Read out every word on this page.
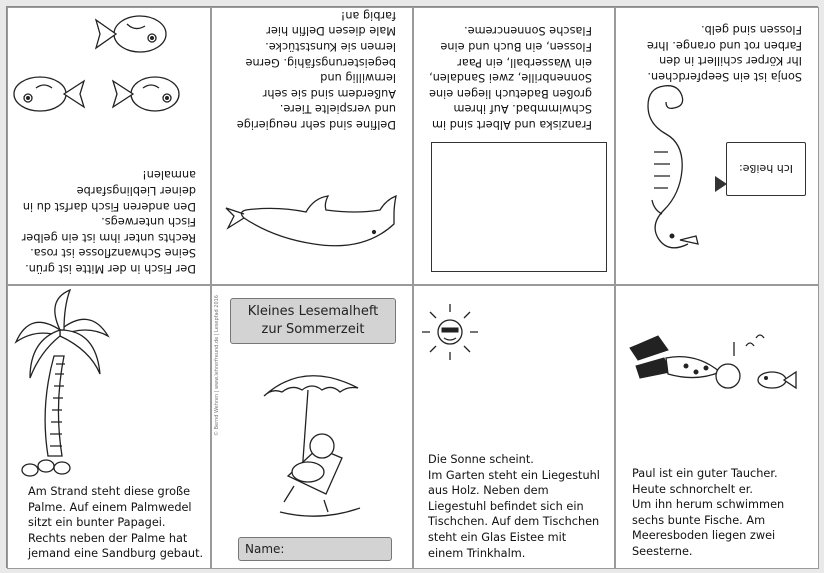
Der Fisch in der Mitte ist grün.
Seine Schwanzflosse ist rosa.
Rechts unter ihm ist ein gelber
Fisch unterwegs.
Den anderen Fisch darfst du in
deiner Lieblingsfarbe
anmalen!
Delfine sind sehr neugierige
und verspielte Tiere.
Außerdem sind sie sehr
lernwillig und
begeisterungsfähig. Gerne
lernen sie Kunststücke.
Male diesen Delfin hier
farbig an!
Franziska und Albert sind im
Schwimmbad. Auf ihrem
großen Badetuch liegen eine
Sonnenbrille, zwei Sandalen,
ein Wasserball, ein Paar
Flossen, ein Buch und eine
Flasche Sonnencreme.
Sonja ist ein Seepferdchen.
Ihr Körper schillert in den
Farben rot und orange. Ihre
Flossen sind gelb.
Ich heiße:
Am Strand steht diese große
Palme. Auf einem Palmwedel
sitzt ein bunter Papagei.
Rechts neben der Palme hat
jemand eine Sandburg gebaut.
Kleines Lesemalheft
zur Sommerzeit
© Bernd Wehren | www.lehrerfreund.de | Lesepfad 2016
Name:
Die Sonne scheint.
Im Garten steht ein Liegestuhl
aus Holz. Neben dem
Liegestuhl befindet sich ein
Tischchen. Auf dem Tischchen
steht ein Glas Eistee mit
einem Trinkhalm.
Paul ist ein guter Taucher.
Heute schnorchelt er.
Um ihn herum schwimmen
sechs bunte Fische. Am
Meeresboden liegen zwei
Seesterne.
